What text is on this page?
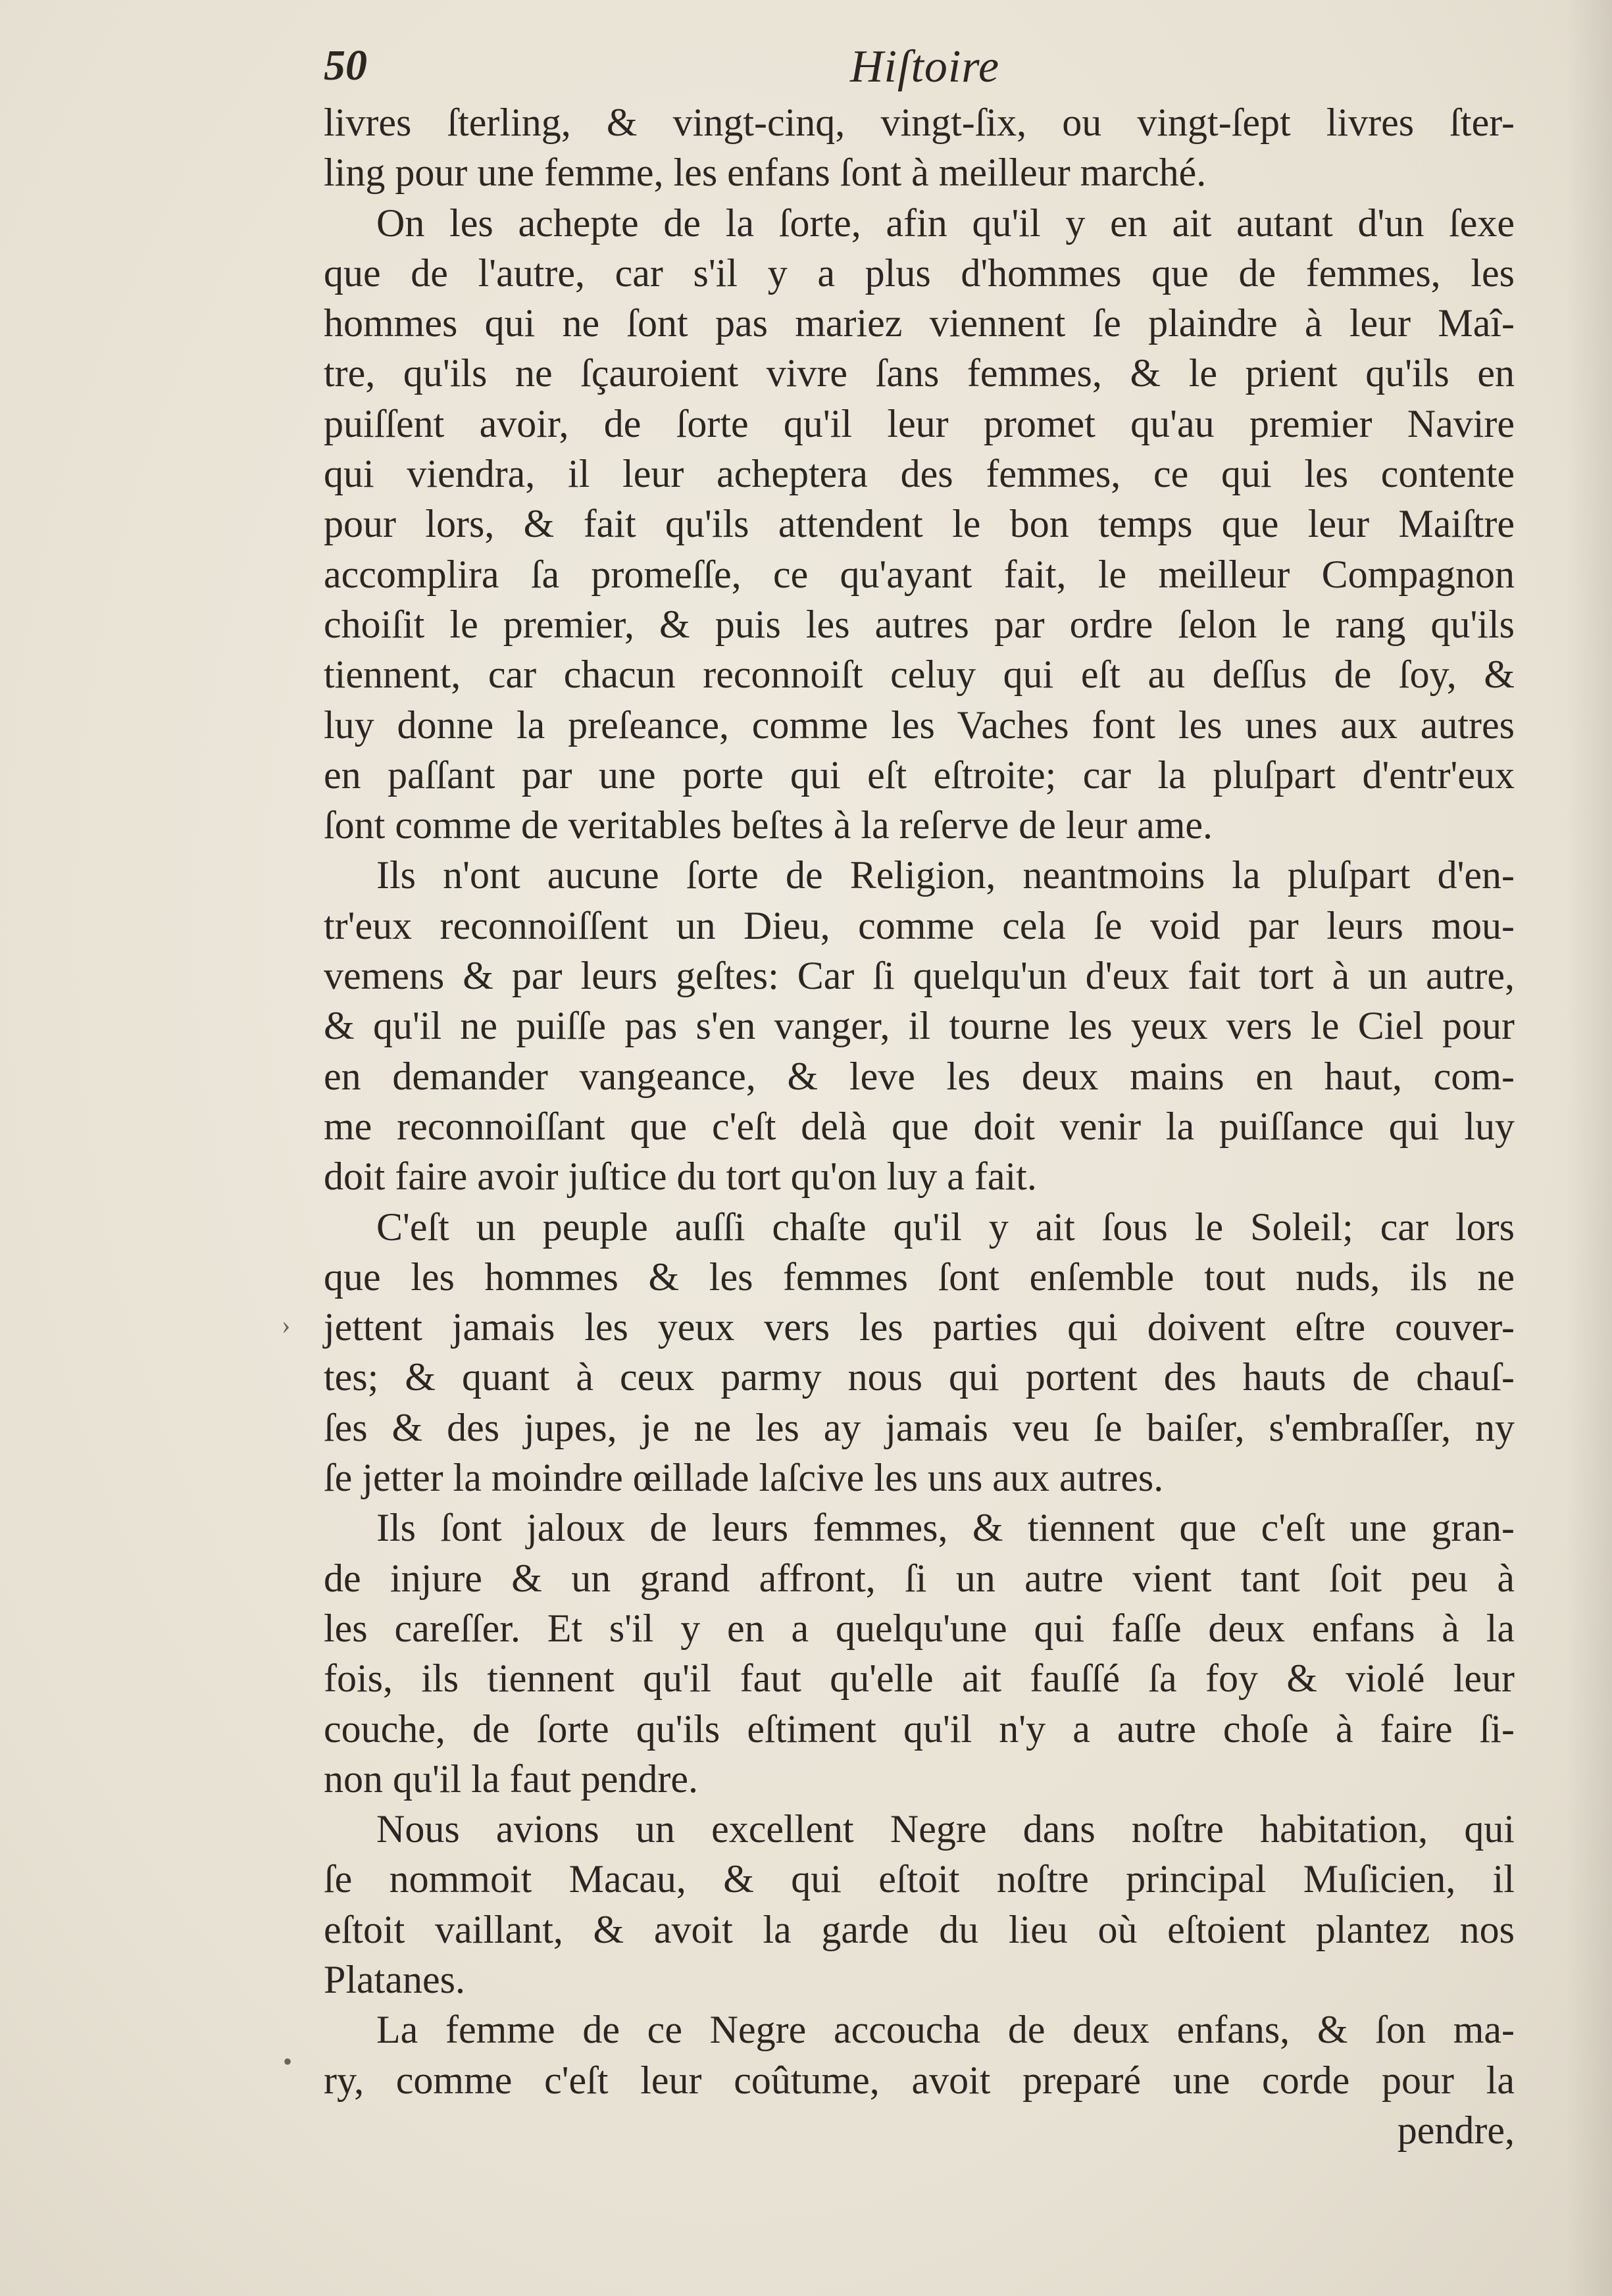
50	Hiſtoire
•
›
livres ſterling, & vingt-cinq, vingt-ſix, ou vingt-ſept livres ſter-
ling pour une femme, les enfans ſont à meilleur marché.
On les achepte de la ſorte, afin qu'il y en ait autant d'un ſexe
que de l'autre, car s'il y a plus d'hommes que de femmes, les
hommes qui ne ſont pas mariez viennent ſe plaindre à leur Maî-
tre, qu'ils ne ſçauroient vivre ſans femmes, & le prient qu'ils en
puiſſent avoir, de ſorte qu'il leur promet qu'au premier Navire
qui viendra, il leur acheptera des femmes, ce qui les contente
pour lors, & fait qu'ils attendent le bon temps que leur Maiſtre
accomplira ſa promeſſe, ce qu'ayant fait, le meilleur Compagnon
choiſit le premier, & puis les autres par ordre ſelon le rang qu'ils
tiennent, car chacun reconnoiſt celuy qui eſt au deſſus de ſoy, &
luy donne la preſeance, comme les Vaches font les unes aux autres
en paſſant par une porte qui eſt eſtroite; car la pluſpart d'entr'eux
ſont comme de veritables beſtes à la reſerve de leur ame.
Ils n'ont aucune ſorte de Religion, neantmoins la pluſpart d'en-
tr'eux reconnoiſſent un Dieu, comme cela ſe void par leurs mou-
vemens & par leurs geſtes: Car ſi quelqu'un d'eux fait tort à un autre,
& qu'il ne puiſſe pas s'en vanger, il tourne les yeux vers le Ciel pour
en demander vangeance, & leve les deux mains en haut, com-
me reconnoiſſant que c'eſt delà que doit venir la puiſſance qui luy
doit faire avoir juſtice du tort qu'on luy a fait.
C'eſt un peuple auſſi chaſte qu'il y ait ſous le Soleil; car lors
que les hommes & les femmes ſont enſemble tout nuds, ils ne
jettent jamais les yeux vers les parties qui doivent eſtre couver-
tes; & quant à ceux parmy nous qui portent des hauts de chauſ-
ſes & des jupes, je ne les ay jamais veu ſe baiſer, s'embraſſer, ny
ſe jetter la moindre œillade laſcive les uns aux autres.
Ils ſont jaloux de leurs femmes, & tiennent que c'eſt une gran-
de injure & un grand affront, ſi un autre vient tant ſoit peu à
les careſſer. Et s'il y en a quelqu'une qui faſſe deux enfans à la
fois, ils tiennent qu'il faut qu'elle ait fauſſé ſa foy & violé leur
couche, de ſorte qu'ils eſtiment qu'il n'y a autre choſe à faire ſi-
non qu'il la faut pendre.
Nous avions un excellent Negre dans noſtre habitation, qui
ſe nommoit Macau, & qui eſtoit noſtre principal Muſicien, il
eſtoit vaillant, & avoit la garde du lieu où eſtoient plantez nos
Platanes.
La femme de ce Negre accoucha de deux enfans, & ſon ma-
ry, comme c'eſt leur coûtume, avoit preparé une corde pour la
pendre,
